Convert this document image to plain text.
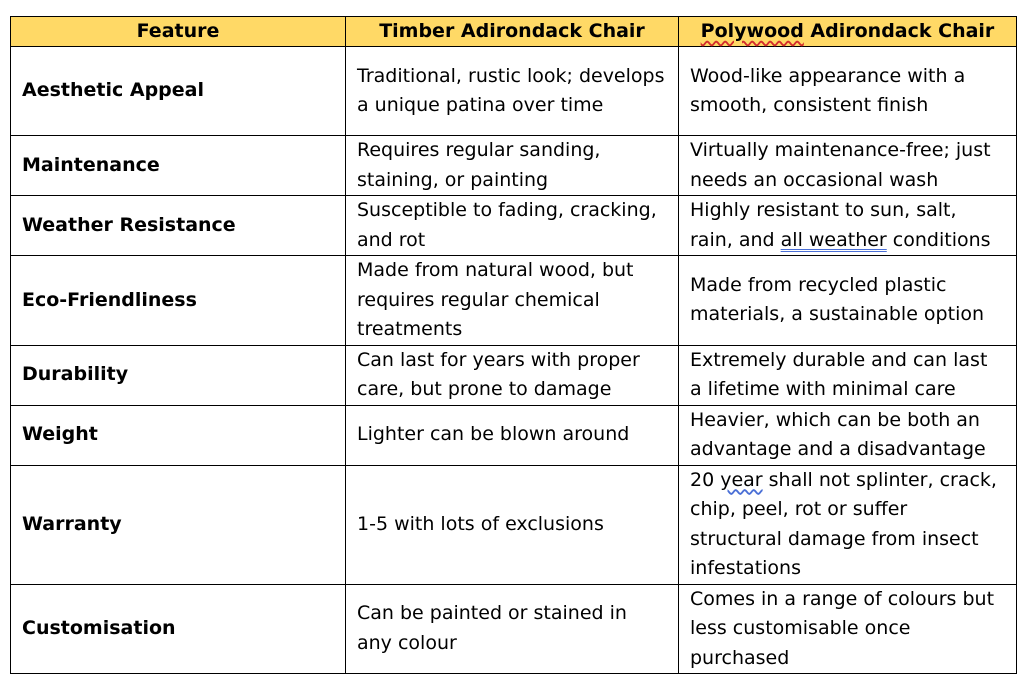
Feature	Timber Adirondack Chair	Polywood Adirondack Chair
Aesthetic Appeal	Traditional, rustic look; develops a unique patina over time	Wood-like appearance with a smooth, consistent finish
Maintenance	Requires regular sanding, staining, or painting	Virtually maintenance-free; just needs an occasional wash
Weather Resistance	Susceptible to fading, cracking, and rot	Highly resistant to sun, salt, rain, and all weather conditions
Eco-Friendliness	Made from natural wood, but requires regular chemical treatments	Made from recycled plastic materials, a sustainable option
Durability	Can last for years with proper care, but prone to damage	Extremely durable and can last a lifetime with minimal care
Weight	Lighter can be blown around	Heavier, which can be both an advantage and a disadvantage
Warranty	1-5 with lots of exclusions	20 year shall not splinter, crack, chip, peel, rot or suffer structural damage from insect infestations
Customisation	Can be painted or stained in any colour	Comes in a range of colours but less customisable once purchased
